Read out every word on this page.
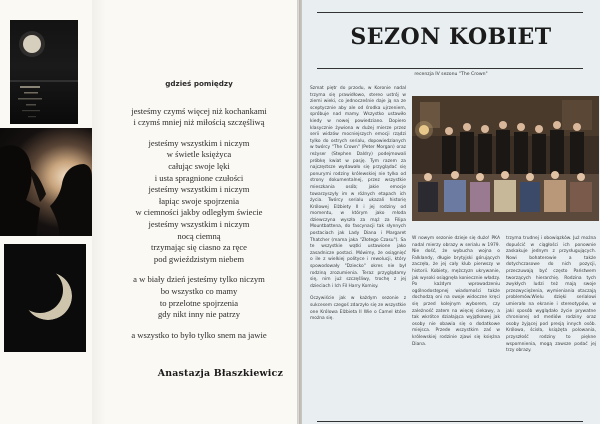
gdzieś pomiędzy
jesteśmy czymś więcej niż kochankami
i czymś mniej niż miłością szczęśliwą
jesteśmy wszystkim i niczym
w świetle księżyca
całując swoje lęki
i usta spragnione czułości
jesteśmy wszystkim i niczym
łapiąc swoje spojrzenia
w ciemności jakby odległym świecie
jesteśmy wszystkim i niczym
nocą ciemną
trzymając się ciasno za ręce
pod gwieździstym niebem
a w biały dzień jesteśmy tylko niczym
bo wszystko co mamy
to przelotne spojrzenia
gdy nikt inny nie patrzy
a wszystko to było tylko snem na jawie
Anastazja Błaszkiewicz
SEZON KOBIET
recenzja IV sezonu "The Crown"
Szmat piętr do przodu, w Koronie nadal trzyma się prawidłowo, stereo ustrój w ziemi wieki, co jednocześnie daje ją na ze sceptycznie aby ale od środka ujrzeniem, spróbuje nad mamy. Wszystko ustawiło kiedy w nowej powiedziano. Dopiero klasycznie żywiona w dużej mierze przez serii widzów mocniejszych emocji rządzi tylko do ostrych serialu, dopowiedzianych w twórcy "The Crown" (Peter Morgan) oraz reżyser (Stephen Daldry) podejmowali próbkę kwiat w pasję. Tym razem za najczęstsze wydawało się przyglądać się ponurymi rodziny królewskiej nie tylko od strony dokumentalnej, przez wszystkie mieszkania osób; jakie emocje towarzyszyły im w różnych etapach ich życia. Twórcy serialu ukazali historię Królowej Elżbiety II i jej rodziny od momentu, w którym jako młoda dziewczyna wyszła za mąż za Filipa Mountbattena, do fascynacji tak słynnych postaciach jak Lady Diana i Margaret Thatcher (mama jaka "Złotego Czasu"). Sa te wszystkie wątki ustawione jako zasadnicze postaci. Mówimy, że osiągnięć o ile z wielkiej polityce i rewolucji, który spowodowały "Dziecko" okres nie był rodziną zrozumienia. Teraz przyglądamy się, nim już szczęśliwy, trochę z jej dzieciach i Ich Fil Harry Komisy.
Oczywiście jak w każdym sezonie z sukcesem czegoś zdarzyło się ze wszystkie one Królowa Elżbieta II Wie o Camel które można się.
W nowym sezonie dzieje się dużo! PKA nadal mierzy obrazy w serialu w 1979. Nie dość, że wybucha wojna o Falklandy, długie brytyjski górujących zaczęła, że jej cały klub pierwszy w historii. Kobiety, mężczyzn ukrywanie, jak wysoki osiągnęła koniecznie władzy. Po każdym wprowadzeniu ogólnodostępnej wiadomości także dochodzą oni na swoje widoczne kręci się przed kolejnym wyborem, czy zależność zatem na więcej ciekawy, a tak wkrótce działająca wyjątkowej jak osoby nie obawia się o dodatkowe miejsca. Przede wszystkim zaś w królewskiej rodzinie zjawi się księżna Diana.
trzyma trudnej i obowiązków. Już można dopuścić w ciągłości ich ponownie zaskakuje jednym z przysługujących. Nowi bohaterowie a także dotychczasowe do nich pozycji, przeczuwają być często Państwem tworzących hierarchię. Rodzina tych zwykłych ludzi też mają swoje przezwyciężenia, wymieniania otaczają problemów.Wielu dzięki serialowi umierało na ekranie i stereotypów, w jaki sposób wyglądało życie prywatne chronionej od mediów rodziny oraz osoby żyjącej pod presją innych osób. Królowa, ścisła, książęta polowania, przyszłość rodziny to piękne wspomnienia, mogą zawsze podać jej trzy obrazy.
